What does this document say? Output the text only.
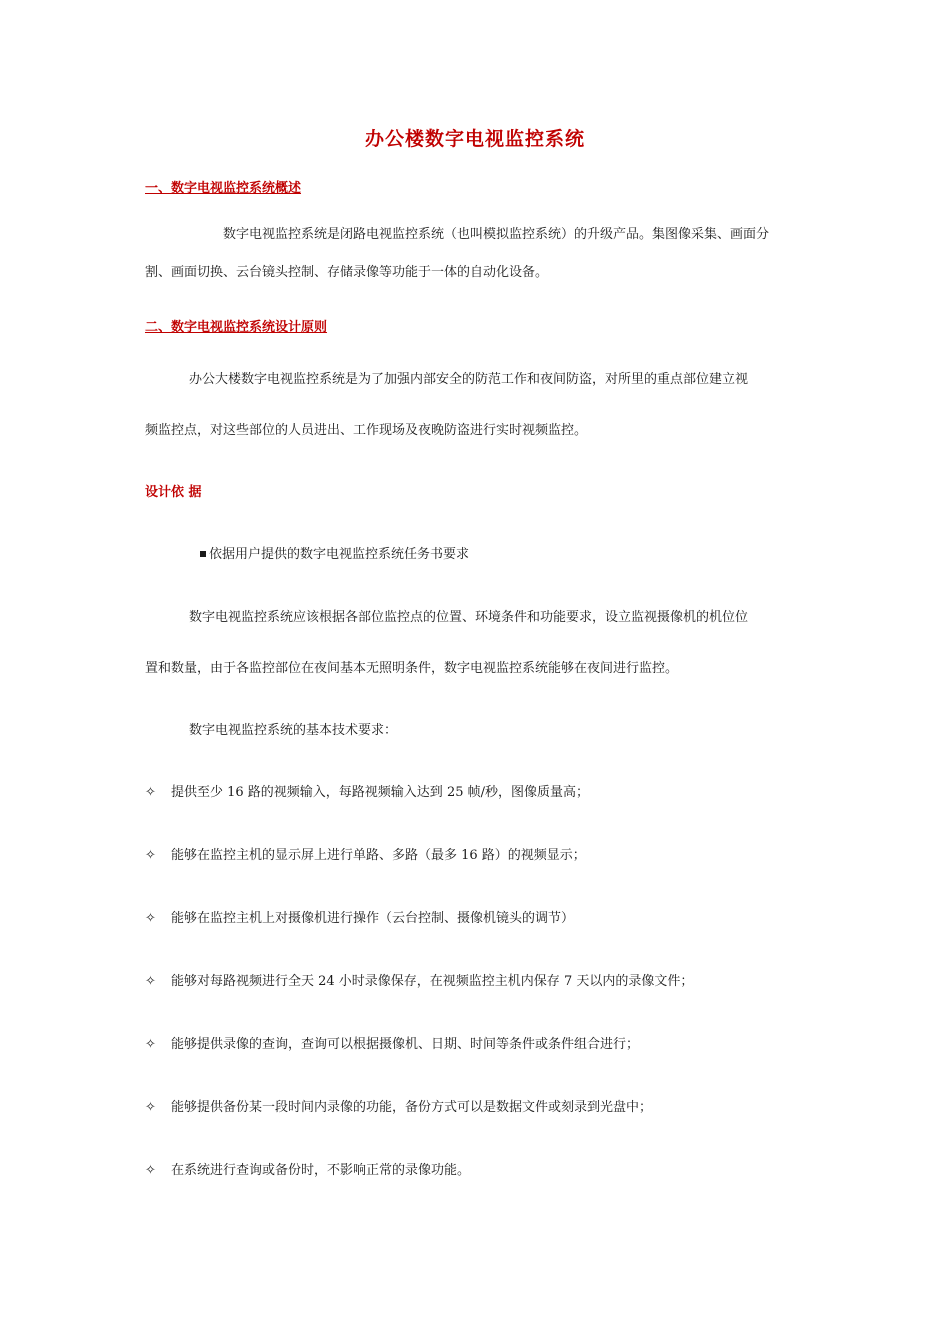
办公楼数字电视监控系统
一、数字电视监控系统概述
数字电视监控系统是闭路电视监控系统（也叫模拟监控系统）的升级产品。集图像采集、画面分
割、画面切换、云台镜头控制、存储录像等功能于一体的自动化设备。
二、数字电视监控系统设计原则
办公大楼数字电视监控系统是为了加强内部安全的防范工作和夜间防盗，对所里的重点部位建立视
频监控点，对这些部位的人员进出、工作现场及夜晚防盗进行实时视频监控。
设计依 据
依据用户提供的数字电视监控系统任务书要求
数字电视监控系统应该根据各部位监控点的位置、环境条件和功能要求，设立监视摄像机的机位位
置和数量，由于各监控部位在夜间基本无照明条件，数字电视监控系统能够在夜间进行监控。
数字电视监控系统的基本技术要求：
✧ 提供至少 16 路的视频输入，每路视频输入达到 25 帧/秒，图像质量高；
✧ 能够在监控主机的显示屏上进行单路、多路（最多 16 路）的视频显示；
✧ 能够在监控主机上对摄像机进行操作（云台控制、摄像机镜头的调节）
✧ 能够对每路视频进行全天 24 小时录像保存，在视频监控主机内保存 7 天以内的录像文件；
✧ 能够提供录像的查询，查询可以根据摄像机、日期、时间等条件或条件组合进行；
✧ 能够提供备份某一段时间内录像的功能，备份方式可以是数据文件或刻录到光盘中；
✧ 在系统进行查询或备份时，不影响正常的录像功能。
